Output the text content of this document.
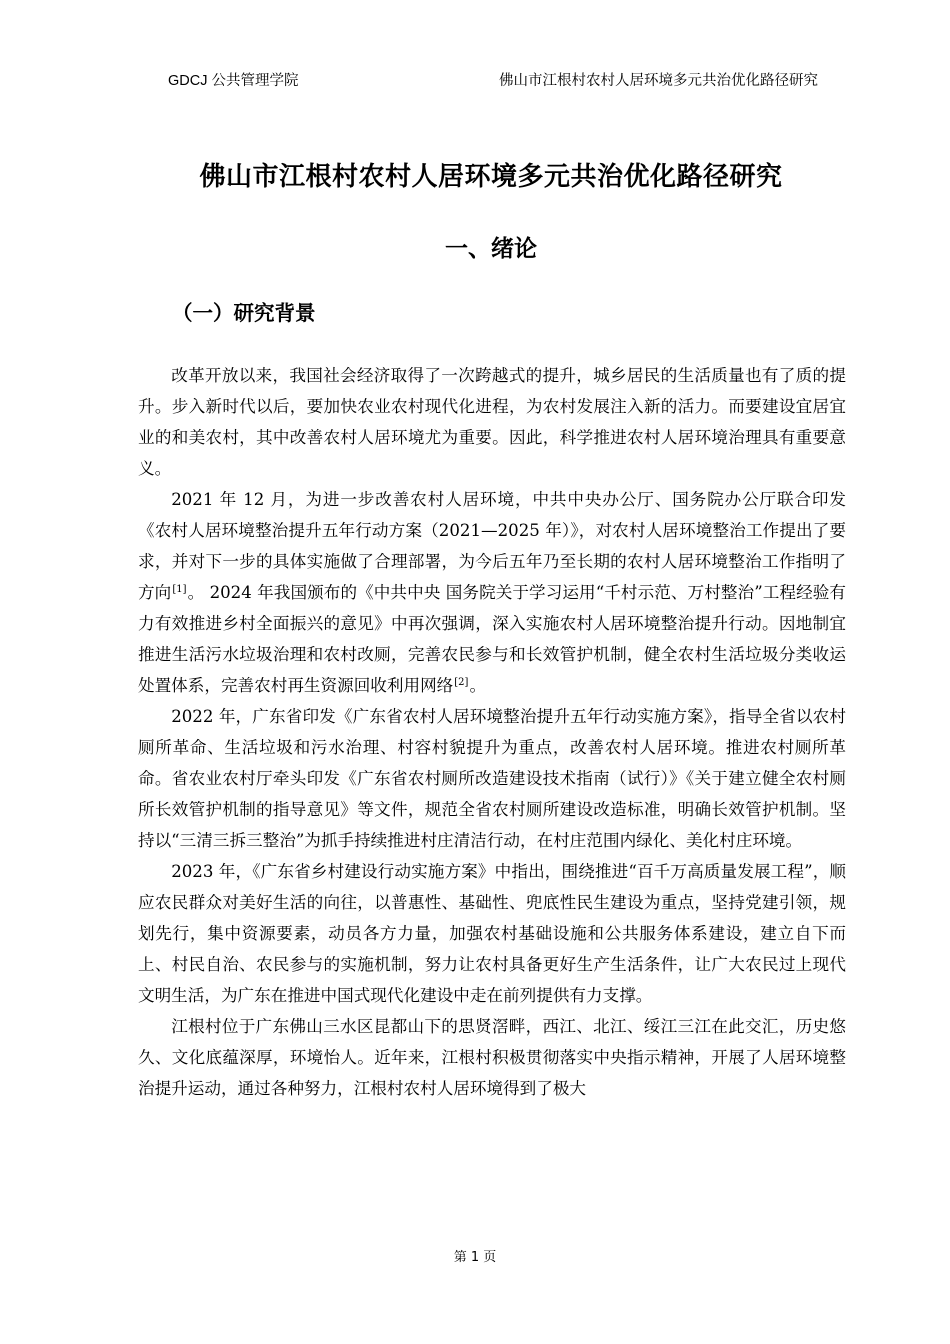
GDCJ 公共管理学院	佛山市江根村农村人居环境多元共治优化路径研究
佛山市江根村农村人居环境多元共治优化路径研究
一、绪论
（一）研究背景

改革开放以来，我国社会经济取得了一次跨越式的提升，城乡居民的生活质量也有了质的提升。步入新时代以后，要加快农业农村现代化进程，为农村发展注入新的活力。而要建设宜居宜业的和美农村，其中改善农村人居环境尤为重要。因此，科学推进农村人居环境治理具有重要意义。

2021 年 12 月，为进一步改善农村人居环境，中共中央办公厅、国务院办公厅联合印发《农村人居环境整治提升五年行动方案（2021—2025 年）》，对农村人居环境整治工作提出了要求，并对下一步的具体实施做了合理部署，为今后五年乃至长期的农村人居环境整治工作指明了方向[1]。 2024 年我国颁布的《中共中央 国务院关于学习运用“千村示范、万村整治”工程经验有力有效推进乡村全面振兴的意见》中再次强调，深入实施农村人居环境整治提升行动。因地制宜推进生活污水垃圾治理和农村改厕，完善农民参与和长效管护机制，健全农村生活垃圾分类收运处置体系，完善农村再生资源回收利用网络[2]。

2022 年，广东省印发《广东省农村人居环境整治提升五年行动实施方案》，指导全省以农村厕所革命、生活垃圾和污水治理、村容村貌提升为重点，改善农村人居环境。推进农村厕所革命。省农业农村厅牵头印发《广东省农村厕所改造建设技术指南（试行）》《关于建立健全农村厕所长效管护机制的指导意见》等文件，规范全省农村厕所建设改造标准，明确长效管护机制。坚持以“三清三拆三整治”为抓手持续推进村庄清洁行动，在村庄范围内绿化、美化村庄环境。

2023 年，《广东省乡村建设行动实施方案》中指出，围绕推进“百千万高质量发展工程”，顺应农民群众对美好生活的向往，以普惠性、基础性、兜底性民生建设为重点，坚持党建引领，规划先行，集中资源要素，动员各方力量，加强农村基础设施和公共服务体系建设，建立自下而上、村民自治、农民参与的实施机制，努力让农村具备更好生产生活条件，让广大农民过上现代文明生活，为广东在推进中国式现代化建设中走在前列提供有力支撑。

江根村位于广东佛山三水区昆都山下的思贤滘畔，西江、北江、绥江三江在此交汇，历史悠久、文化底蕴深厚，环境怡人。近年来，江根村积极贯彻落实中央指示精神，开展了人居环境整治提升运动，通过各种努力，江根村农村人居环境得到了极大

第 1 页
